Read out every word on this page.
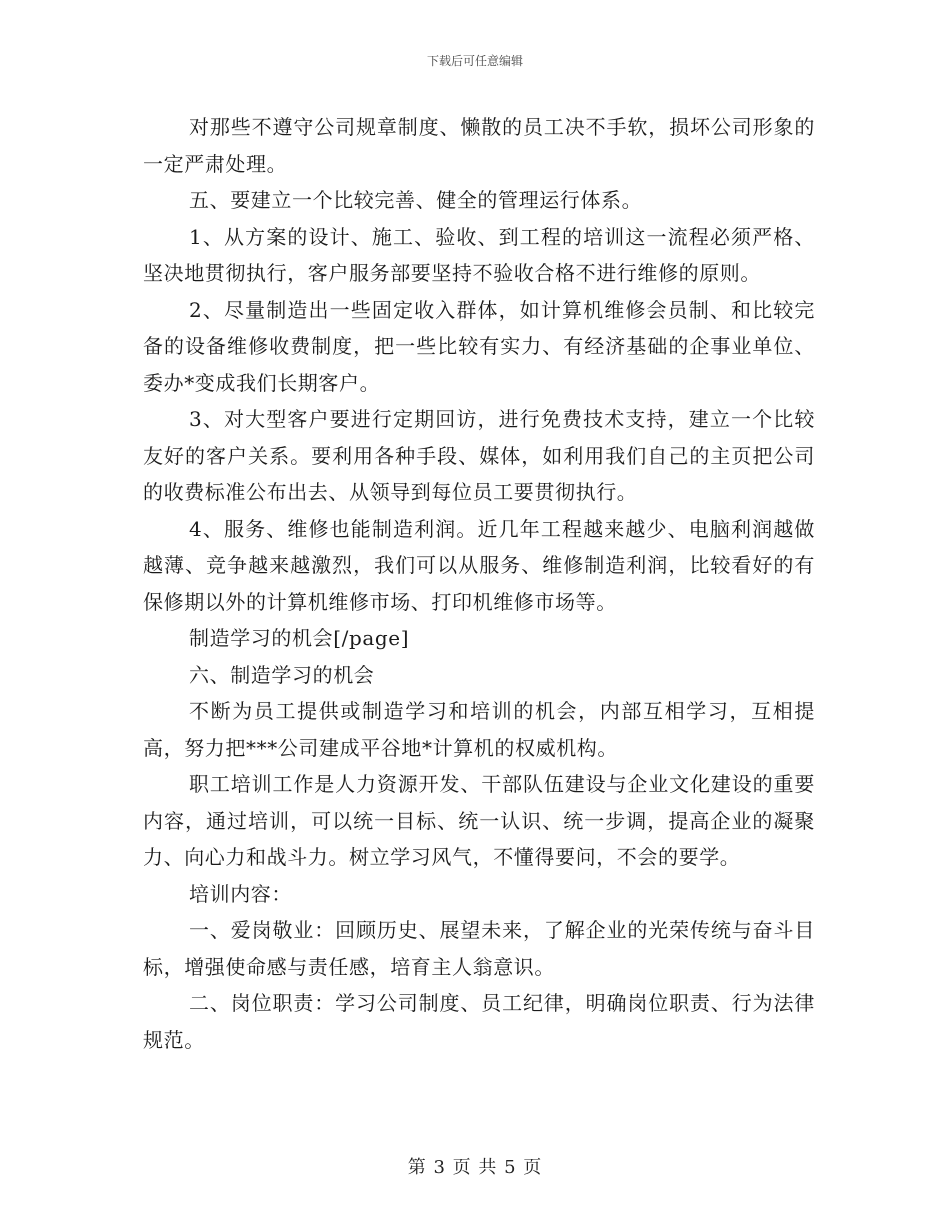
下载后可任意编辑

对那些不遵守公司规章制度、懒散的员工决不手软，损坏公司形象的一定严肃处理。

五、要建立一个比较完善、健全的管理运行体系。

1、从方案的设计、施工、验收、到工程的培训这一流程必须严格、坚决地贯彻执行，客户服务部要坚持不验收合格不进行维修的原则。

2、尽量制造出一些固定收入群体，如计算机维修会员制、和比较完备的设备维修收费制度，把一些比较有实力、有经济基础的企事业单位、委办*变成我们长期客户。

3、对大型客户要进行定期回访，进行免费技术支持，建立一个比较友好的客户关系。要利用各种手段、媒体，如利用我们自己的主页把公司的收费标准公布出去、从领导到每位员工要贯彻执行。

4、服务、维修也能制造利润。近几年工程越来越少、电脑利润越做越薄、竞争越来越激烈，我们可以从服务、维修制造利润，比较看好的有保修期以外的计算机维修市场、打印机维修市场等。

制造学习的机会[/page]

六、制造学习的机会

不断为员工提供或制造学习和培训的机会，内部互相学习，互相提高，努力把***公司建成平谷地*计算机的权威机构。

职工培训工作是人力资源开发、干部队伍建设与企业文化建设的重要内容，通过培训，可以统一目标、统一认识、统一步调，提高企业的凝聚力、向心力和战斗力。树立学习风气，不懂得要问，不会的要学。

培训内容：

一、爱岗敬业：回顾历史、展望未来，了解企业的光荣传统与奋斗目标，增强使命感与责任感，培育主人翁意识。

二、岗位职责：学习公司制度、员工纪律，明确岗位职责、行为法律规范。

第 3 页 共 5 页
